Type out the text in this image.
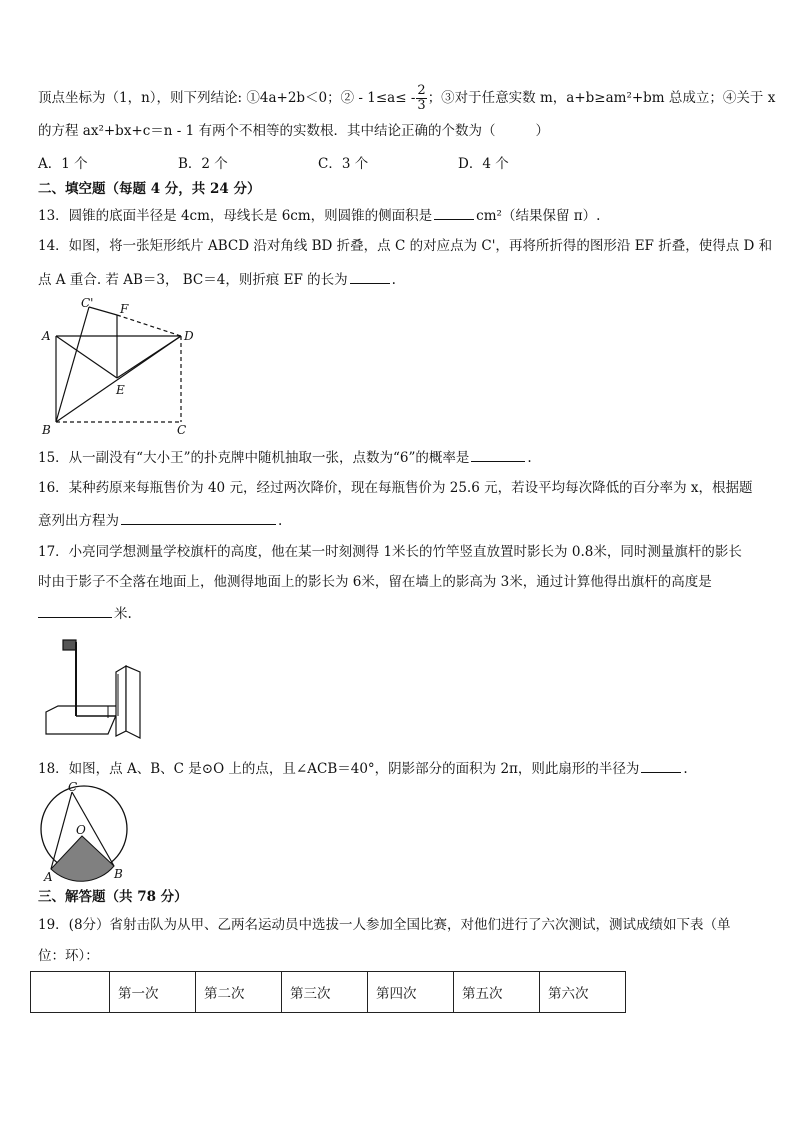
顶点坐标为（1，n），则下列结论: ①4a+2b＜0；② - $1\le a\le - \frac{2}{3}$ ；③对于任意实数 m，a+b≥am²+bm 总成立；④关于 x
的方程 ax²+bx+c＝n - 1 有两个不相等的实数根．其中结论正确的个数为（	）
A．1 个	B．2 个	C．3 个	D．4 个
二、填空题（每题 4 分，共 24 分）
13．圆锥的底面半径是 4cm，母线长是 6cm，则圆锥的侧面积是	cm²（结果保留 π）.
14．如图，将一张矩形纸片 ABCD 沿对角线 BD 折叠，点 C 的对应点为 C'，再将所折得的图形沿 EF 折叠，使得点 D 和
点 A 重合. 若 AB＝3， BC＝4，则折痕 EF 的长为	.
C' F
A	D
E
B	C
15．从一副没有“大小王”的扑克牌中随机抽取一张，点数为“6”的概率是	.
16．某种药原来每瓶售价为 40 元，经过两次降价，现在每瓶售价为 25.6 元，若设平均每次降低的百分率为 x，根据题
意列出方程为	.
17．小亮同学想测量学校旗杆的高度，他在某一时刻测得 1米长的竹竿竖直放置时影长为 0.8米，同时测量旗杆的影长
时由于影子不全落在地面上，他测得地面上的影长为 6米，留在墙上的影高为 3米，通过计算他得出旗杆的高度是
米.
18．如图，点 A、B、C 是⊙O 上的点，且∠ACB＝40°，阴影部分的面积为 2π，则此扇形的半径为	.
C
O
A	B
三、解答题（共 78 分）
19．(8分）省射击队为从甲、乙两名运动员中选拔一人参加全国比赛，对他们进行了六次测试，测试成绩如下表（单
位：环）：
	第一次	第二次	第三次	第四次	第五次	第六次
